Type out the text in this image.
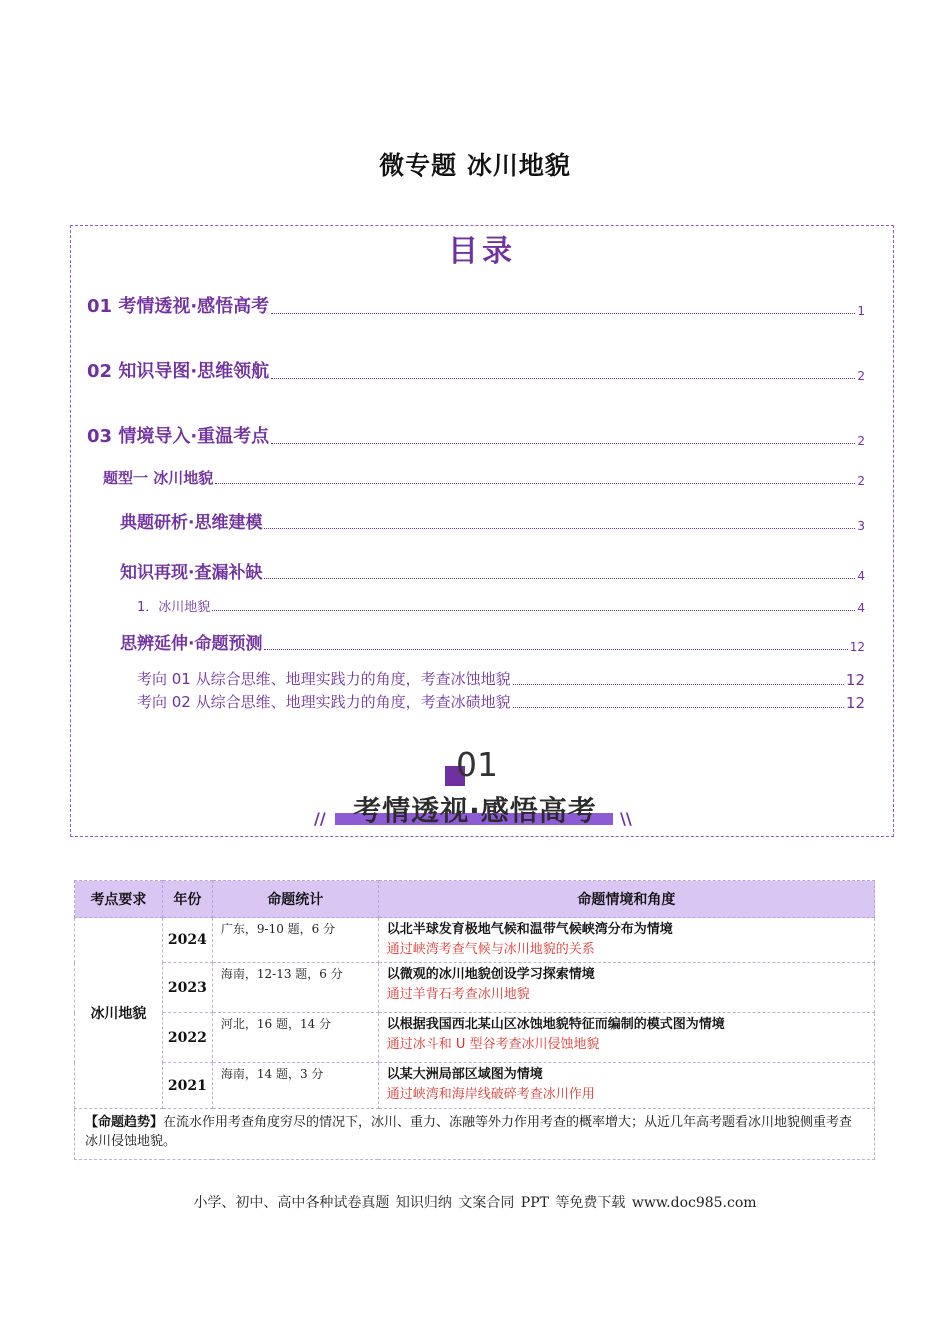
微专题 冰川地貌
目录
01 考情透视·感悟高考	1
02 知识导图·思维领航	2
03 情境导入·重温考点	2
题型一 冰川地貌	2
典题研析·思维建模	3
知识再现·查漏补缺	4
1．冰川地貌	4
思辨延伸·命题预测	12
考向 01 从综合思维、地理实践力的角度，考查冰蚀地貌	12
考向 02 从综合思维、地理实践力的角度，考查冰碛地貌	12
01
考情透视·感悟高考
//	\\
考点要求	年份	命题统计	命题情境和角度
冰川地貌	2024	广东，9-10 题，6 分	以北半球发育极地气候和温带气候峡湾分布为情境
通过峡湾考查气候与冰川地貌的关系

	2023	海南，12-13 题，6 分	以微观的冰川地貌创设学习探索情境
通过羊背石考查冰川地貌

	2022	河北，16 题，14 分	以根据我国西北某山区冰蚀地貌特征而编制的模式图为情境
通过冰斗和 U 型谷考查冰川侵蚀地貌

	2021	海南，14 题，3 分	以某大洲局部区域图为情境
通过峡湾和海岸线破碎考查冰川作用

【命题趋势】在流水作用考查角度穷尽的情况下，冰川、重力、冻融等外力作用考查的概率增大；从近几年高考题看冰川地貌侧重考查冰川侵蚀地貌。			
小学、初中、高中各种试卷真题 知识归纳 文案合同 PPT 等免费下载 www.doc985.com
